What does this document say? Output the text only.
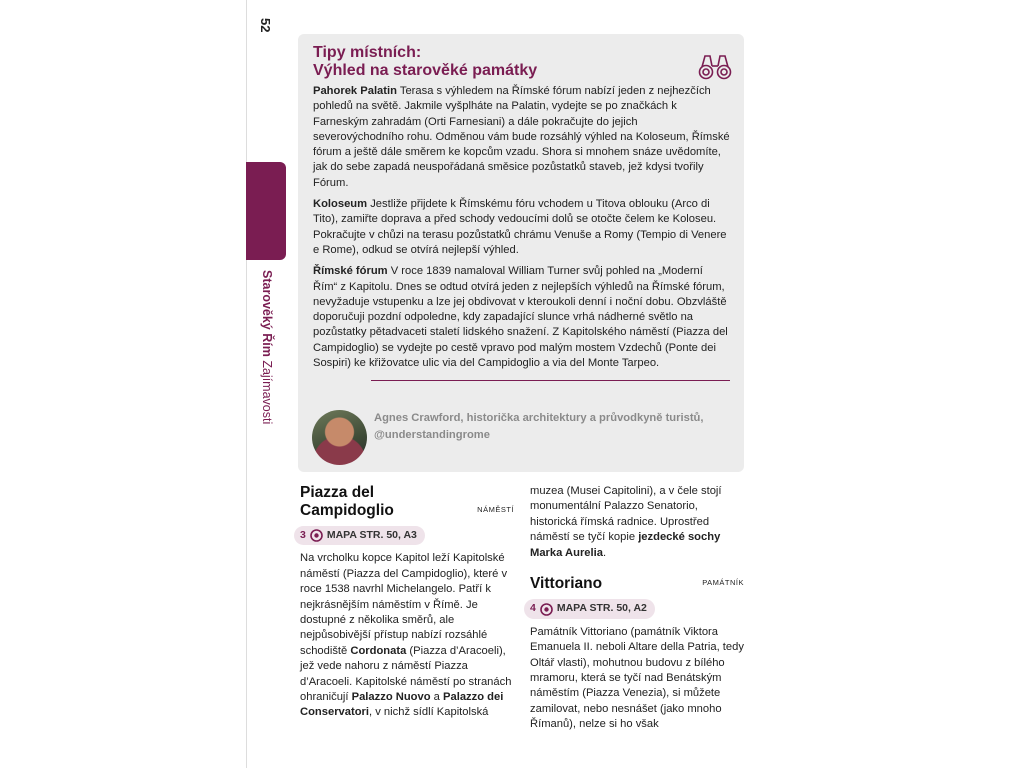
52
Starověký Řím Zajímavosti
Tipy místních:
Výhled na starověké památky

Pahorek Palatin Terasa s výhledem na Římské fórum nabízí jeden z nejhezčích pohledů na světě. Jakmile vyšplháte na Palatin, vydejte se po značkách k Farneským zahradám (Orti Farnesiani) a dále pokračujte do jejich severovýchodního rohu. Odměnou vám bude rozsáhlý výhled na Koloseum, Římské fórum a ještě dále směrem ke kopcům vzadu. Shora si mnohem snáze uvědomíte, jak do sebe zapadá neuspořádaná směsice pozůstatků staveb, jež kdysi tvořily Fórum.

Koloseum Jestliže přijdete k Římskému fóru vchodem u Titova oblouku (Arco di Tito), zamiřte doprava a před schody vedoucími dolů se otočte čelem ke Koloseu. Pokračujte v chůzi na terasu pozůstatků chrámu Venuše a Romy (Tempio di Venere e Rome), odkud se otvírá nejlepší výhled.

Římské fórum V roce 1839 namaloval William Turner svůj pohled na „Moderní Řím“ z Kapitolu. Dnes se odtud otvírá jeden z nejlepších výhledů na Římské fórum, nevyžaduje vstupenku a lze jej obdivovat v kteroukoli denní i noční dobu. Obzvláště doporučuji pozdní odpoledne, kdy zapadající slunce vrhá nádherné světlo na pozůstatky pětadvaceti staletí lidského snažení. Z Kapitolského náměstí (Piazza del Campidoglio) se vydejte po cestě vpravo pod malým mostem Vzdechů (Ponte dei Sospiri) ke křižovatce ulic via del Campidoglio a via del Monte Tarpeo.

Agnes Crawford, historička architektury a průvodkyně turistů,
@understandingrome
Piazza del
Campidoglio	NÁMĚSTÍ
3 MAPA STR. 50, A3

Na vrcholku kopce Kapitol leží Kapitolské náměstí (Piazza del Campidoglio), které v roce 1538 navrhl Michelangelo. Patří k nejkrásnějším náměstím v Římě. Je dostupné z několika směrů, ale nejpůsobivější přístup nabízí rozsáhlé schodiště Cordonata (Piazza d’Aracoeli), jež vede nahoru z náměstí Piazza d’Aracoeli. Kapitolské náměstí po stranách ohraničují Palazzo Nuovo a Palazzo dei Conservatori, v nichž sídlí Kapitolská

muzea (Musei Capitolini), a v čele stojí monumentální Palazzo Senatorio, historická římská radnice. Uprostřed náměstí se tyčí kopie jezdecké sochy Marka Aurelia.

Vittoriano	PAMÁTNÍK
4 MAPA STR. 50, A2

Památník Vittoriano (památník Viktora Emanuela II. neboli Altare della Patria, tedy Oltář vlasti), mohutnou budovu z bílého mramoru, která se tyčí nad Benátským náměstím (Piazza Venezia), si můžete zamilovat, nebo nesnášet (jako mnoho Římanů), nelze si ho však
